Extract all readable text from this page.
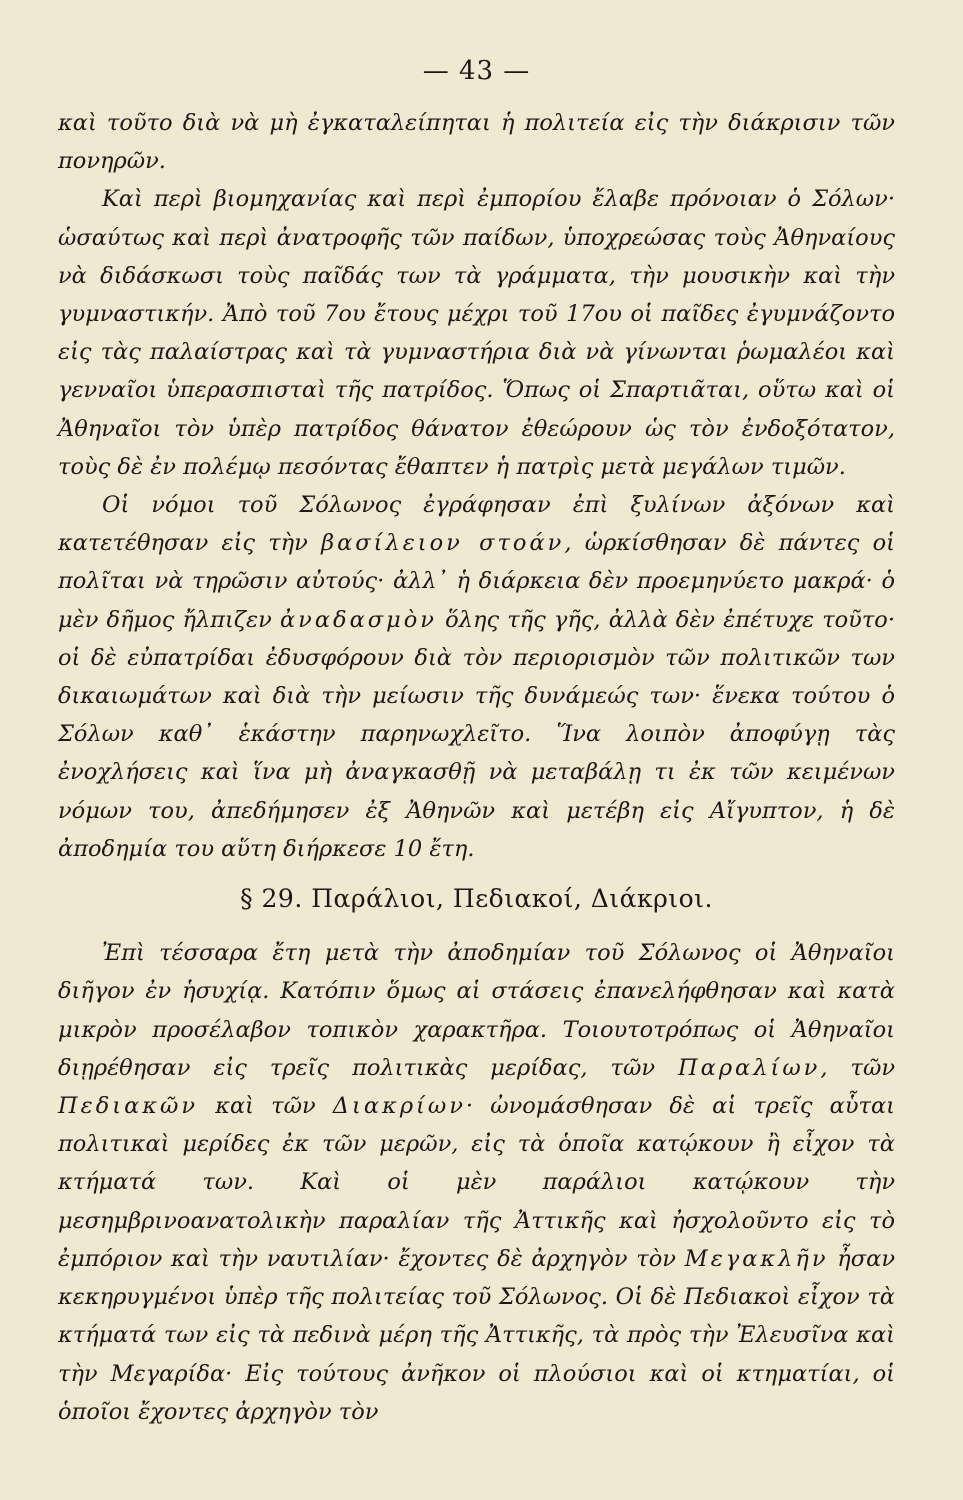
— 43 —

καὶ τοῦτο διὰ νὰ μὴ ἐγκαταλείπηται ἡ πολιτεία εἰς τὴν διάκρισιν τῶν πονηρῶν.

Καὶ περὶ βιομηχανίας καὶ περὶ ἐμπορίου ἔλαβε πρόνοιαν ὁ Σόλων· ὡσαύτως καὶ περὶ ἀνατροφῆς τῶν παίδων, ὑποχρεώσας τοὺς Ἀθηναίους νὰ διδάσκωσι τοὺς παῖδάς των τὰ γράμματα, τὴν μουσικὴν καὶ τὴν γυμναστικήν. Ἀπὸ τοῦ 7ου ἔτους μέχρι τοῦ 17ου οἱ παῖδες ἐγυμνάζοντο εἰς τὰς παλαίστρας καὶ τὰ γυμναστήρια διὰ νὰ γίνωνται ῥωμαλέοι καὶ γενναῖοι ὑπερασπισταὶ τῆς πατρίδος. Ὅπως οἱ Σπαρτιᾶται, οὕτω καὶ οἱ Ἀθηναῖοι τὸν ὑπὲρ πατρίδος θάνατον ἐθεώρουν ὡς τὸν ἐνδοξότατον, τοὺς δὲ ἐν πολέμῳ πεσόντας ἔθαπτεν ἡ πατρὶς μετὰ μεγάλων τιμῶν.

Οἱ νόμοι τοῦ Σόλωνος ἐγράφησαν ἐπὶ ξυλίνων ἀξόνων καὶ κατετέθησαν εἰς τὴν βασίλειον στοάν, ὡρκίσθησαν δὲ πάντες οἱ πολῖται νὰ τηρῶσιν αὐτούς· ἀλλ᾽ ἡ διάρκεια δὲν προεμηνύετο μακρά· ὁ μὲν δῆμος ἤλπιζεν ἀναδασμὸν ὅλης τῆς γῆς, ἀλλὰ δὲν ἐπέτυχε τοῦτο· οἱ δὲ εὐπατρίδαι ἐδυσφόρουν διὰ τὸν περιορισμὸν τῶν πολιτικῶν των δικαιωμάτων καὶ διὰ τὴν μείωσιν τῆς δυνάμεώς των· ἕνεκα τούτου ὁ Σόλων καθ᾽ ἑκάστην παρηνωχλεῖτο. Ἵνα λοιπὸν ἀποφύγῃ τὰς ἐνοχλήσεις καὶ ἵνα μὴ ἀναγκασθῇ νὰ μεταβάλῃ τι ἐκ τῶν κειμένων νόμων του, ἀπεδήμησεν ἐξ Ἀθηνῶν καὶ μετέβη εἰς Αἴγυπτον, ἡ δὲ ἀποδημία του αὕτη διήρκεσε 10 ἔτη.

§ 29. Παράλιοι, Πεδιακοί, Διάκριοι.

Ἐπὶ τέσσαρα ἔτη μετὰ τὴν ἀποδημίαν τοῦ Σόλωνος οἱ Ἀθηναῖοι διῆγον ἐν ἡσυχίᾳ. Κατόπιν ὅμως αἱ στάσεις ἐπανελήφθησαν καὶ κατὰ μικρὸν προσέλαβον τοπικὸν χαρακτῆρα. Τοιουτοτρόπως οἱ Ἀθηναῖοι διῃρέθησαν εἰς τρεῖς πολιτικὰς μερίδας, τῶν Παραλίων, τῶν Πεδιακῶν καὶ τῶν Διακρίων· ὠνομάσθησαν δὲ αἱ τρεῖς αὗται πολιτικαὶ μερίδες ἐκ τῶν μερῶν, εἰς τὰ ὁποῖα κατῴκουν ἢ εἶχον τὰ κτήματά των. Καὶ οἱ μὲν παράλιοι κατῴκουν τὴν μεσημβρινοανατολικὴν παραλίαν τῆς Ἀττικῆς καὶ ἠσχολοῦντο εἰς τὸ ἐμπόριον καὶ τὴν ναυτιλίαν· ἔχοντες δὲ ἀρχηγὸν τὸν Μεγακλῆν ἦσαν κεκηρυγμένοι ὑπὲρ τῆς πολιτείας τοῦ Σόλωνος. Οἱ δὲ Πεδιακοὶ εἶχον τὰ κτήματά των εἰς τὰ πεδινὰ μέρη τῆς Ἀττικῆς, τὰ πρὸς τὴν Ἐλευσῖνα καὶ τὴν Μεγαρίδα· Εἰς τούτους ἀνῆκον οἱ πλούσιοι καὶ οἱ κτηματίαι, οἱ ὁποῖοι ἔχοντες ἀρχηγὸν τὸν
